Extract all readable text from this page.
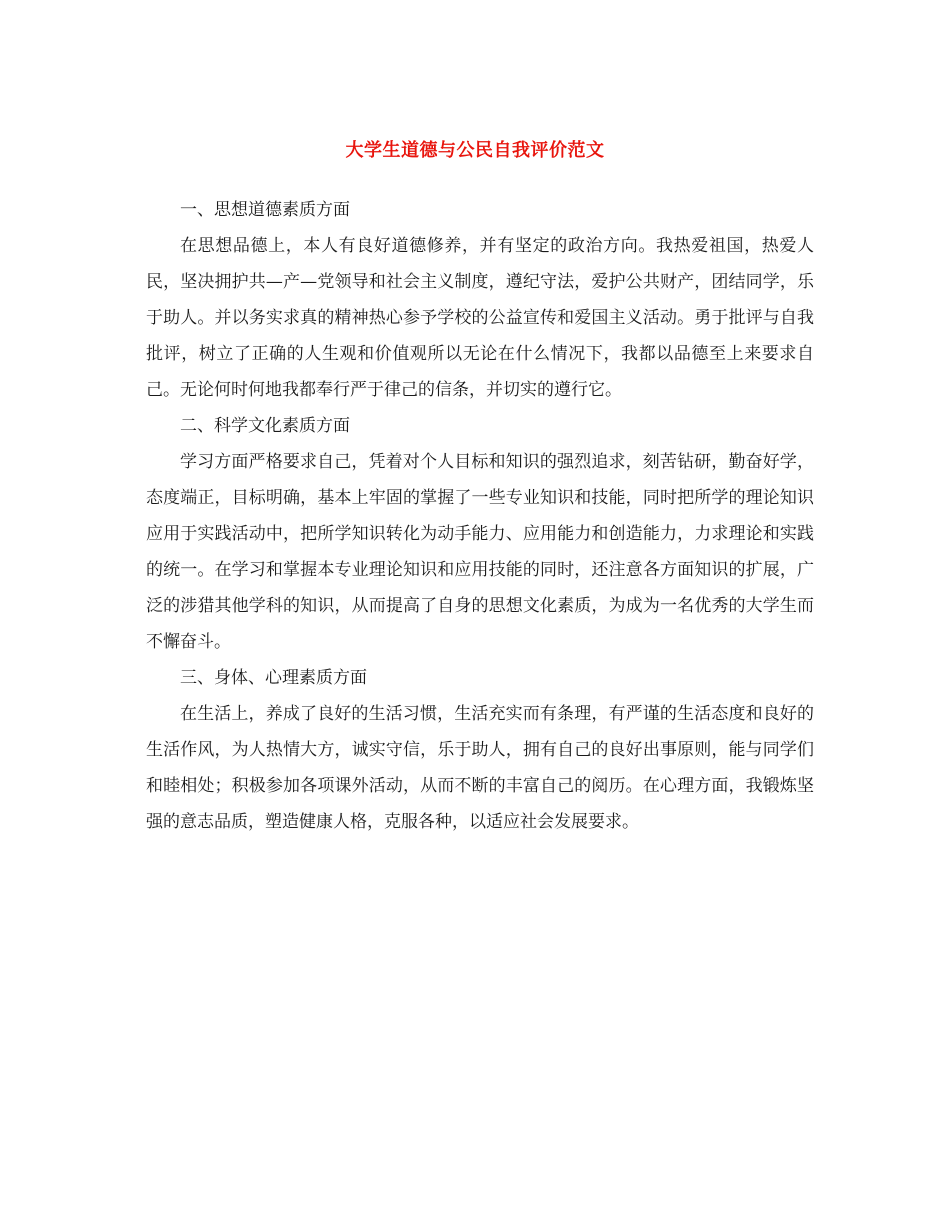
大学生道德与公民自我评价范文

一、思想道德素质方面

在思想品德上，本人有良好道德修养，并有坚定的政治方向。我热爱祖国，热爱人民，坚决拥护共—产—党领导和社会主义制度，遵纪守法，爱护公共财产，团结同学，乐于助人。并以务实求真的精神热心参予学校的公益宣传和爱国主义活动。勇于批评与自我批评，树立了正确的人生观和价值观所以无论在什么情况下，我都以品德至上来要求自己。无论何时何地我都奉行严于律己的信条，并切实的遵行它。

二、科学文化素质方面

学习方面严格要求自己，凭着对个人目标和知识的强烈追求，刻苦钻研，勤奋好学，态度端正，目标明确，基本上牢固的掌握了一些专业知识和技能，同时把所学的理论知识应用于实践活动中，把所学知识转化为动手能力、应用能力和创造能力，力求理论和实践的统一。在学习和掌握本专业理论知识和应用技能的同时，还注意各方面知识的扩展，广泛的涉猎其他学科的知识，从而提高了自身的思想文化素质，为成为一名优秀的大学生而不懈奋斗。

三、身体、心理素质方面

在生活上，养成了良好的生活习惯，生活充实而有条理，有严谨的生活态度和良好的生活作风，为人热情大方，诚实守信，乐于助人，拥有自己的良好出事原则，能与同学们和睦相处；积极参加各项课外活动，从而不断的丰富自己的阅历。在心理方面，我锻炼坚强的意志品质，塑造健康人格，克服各种，以适应社会发展要求。
